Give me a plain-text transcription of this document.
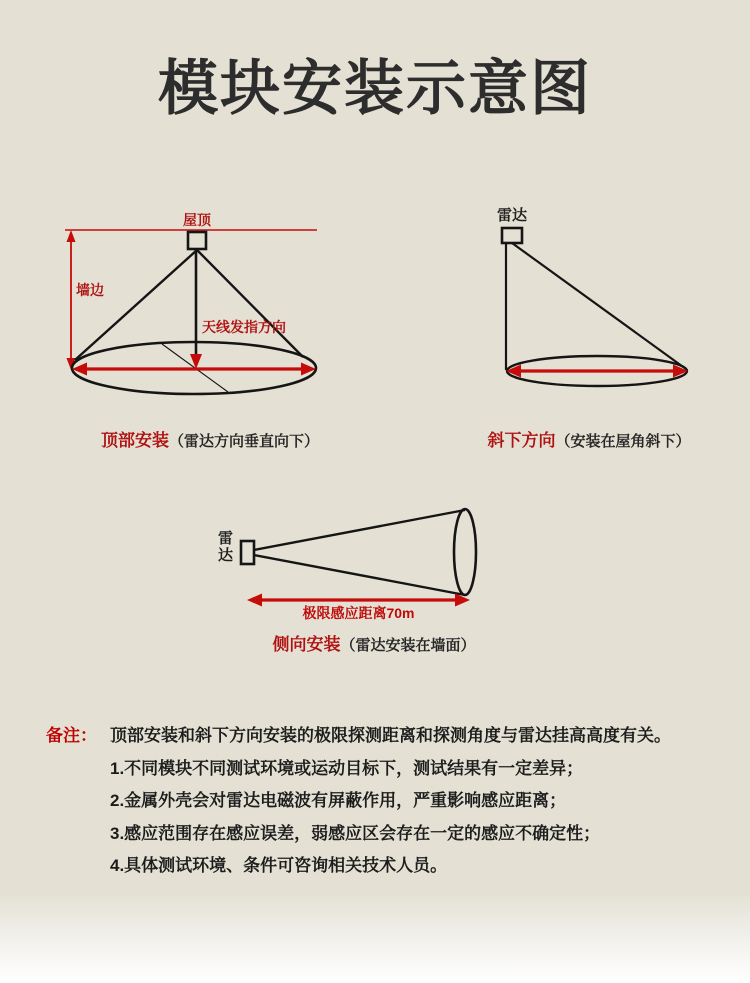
模块安装示意图
屋顶
墙边
天线发指方向
顶部安装（雷达方向垂直向下）
雷达
斜下方向（安装在屋角斜下）
雷达
极限感应距离70m
侧向安装（雷达安装在墙面）
备注： 顶部安装和斜下方向安装的极限探测距离和探测角度与雷达挂高高度有关。
1.不同模块不同测试环境或运动目标下，测试结果有一定差异；
2.金属外壳会对雷达电磁波有屏蔽作用，严重影响感应距离；
3.感应范围存在感应误差，弱感应区会存在一定的感应不确定性；
4.具体测试环境、条件可咨询相关技术人员。
